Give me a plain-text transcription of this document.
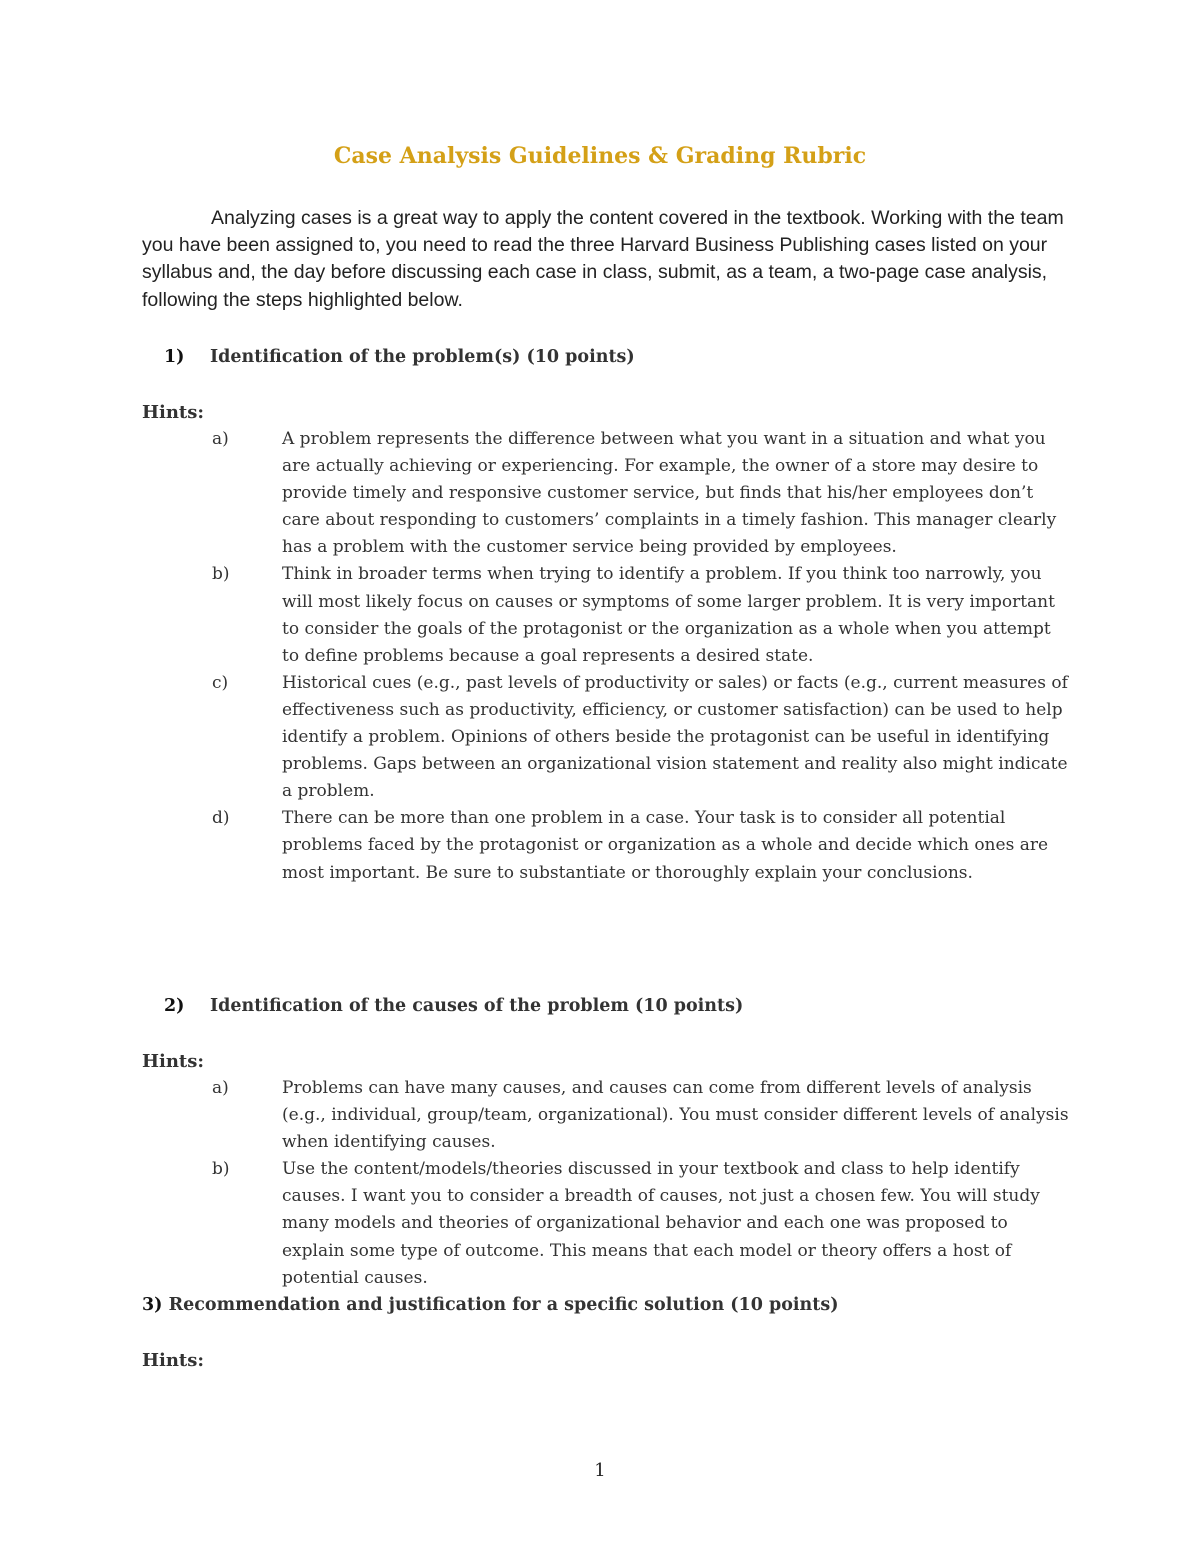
Case Analysis Guidelines & Grading Rubric

Analyzing cases is a great way to apply the content covered in the textbook. Working with the team you have been assigned to, you need to read the three Harvard Business Publishing cases listed on your syllabus and, the day before discussing each case in class, submit, as a team, a two-page case analysis, following the steps highlighted below.

1) Identification of the problem(s) (10 points)

Hints:

a)	A problem represents the difference between what you want in a situation and what you are actually achieving or experiencing. For example, the owner of a store may desire to provide timely and responsive customer service, but finds that his/her employees don’t care about responding to customers’ complaints in a timely fashion. This manager clearly has a problem with the customer service being provided by employees.
b)	Think in broader terms when trying to identify a problem. If you think too narrowly, you will most likely focus on causes or symptoms of some larger problem. It is very important to consider the goals of the protagonist or the organization as a whole when you attempt to define problems because a goal represents a desired state.
c)	Historical cues (e.g., past levels of productivity or sales) or facts (e.g., current measures of effectiveness such as productivity, efficiency, or customer satisfaction) can be used to help identify a problem. Opinions of others beside the protagonist can be useful in identifying problems. Gaps between an organizational vision statement and reality also might indicate a problem.
d)	There can be more than one problem in a case. Your task is to consider all potential problems faced by the protagonist or organization as a whole and decide which ones are most important. Be sure to substantiate or thoroughly explain your conclusions.

2) Identification of the causes of the problem (10 points)

Hints:

a)	Problems can have many causes, and causes can come from different levels of analysis (e.g., individual, group/team, organizational). You must consider different levels of analysis when identifying causes.
b)	Use the content/models/theories discussed in your textbook and class to help identify causes. I want you to consider a breadth of causes, not just a chosen few. You will study many models and theories of organizational behavior and each one was proposed to explain some type of outcome. This means that each model or theory offers a host of potential causes.

3) Recommendation and justification for a specific solution (10 points)

Hints:

1
